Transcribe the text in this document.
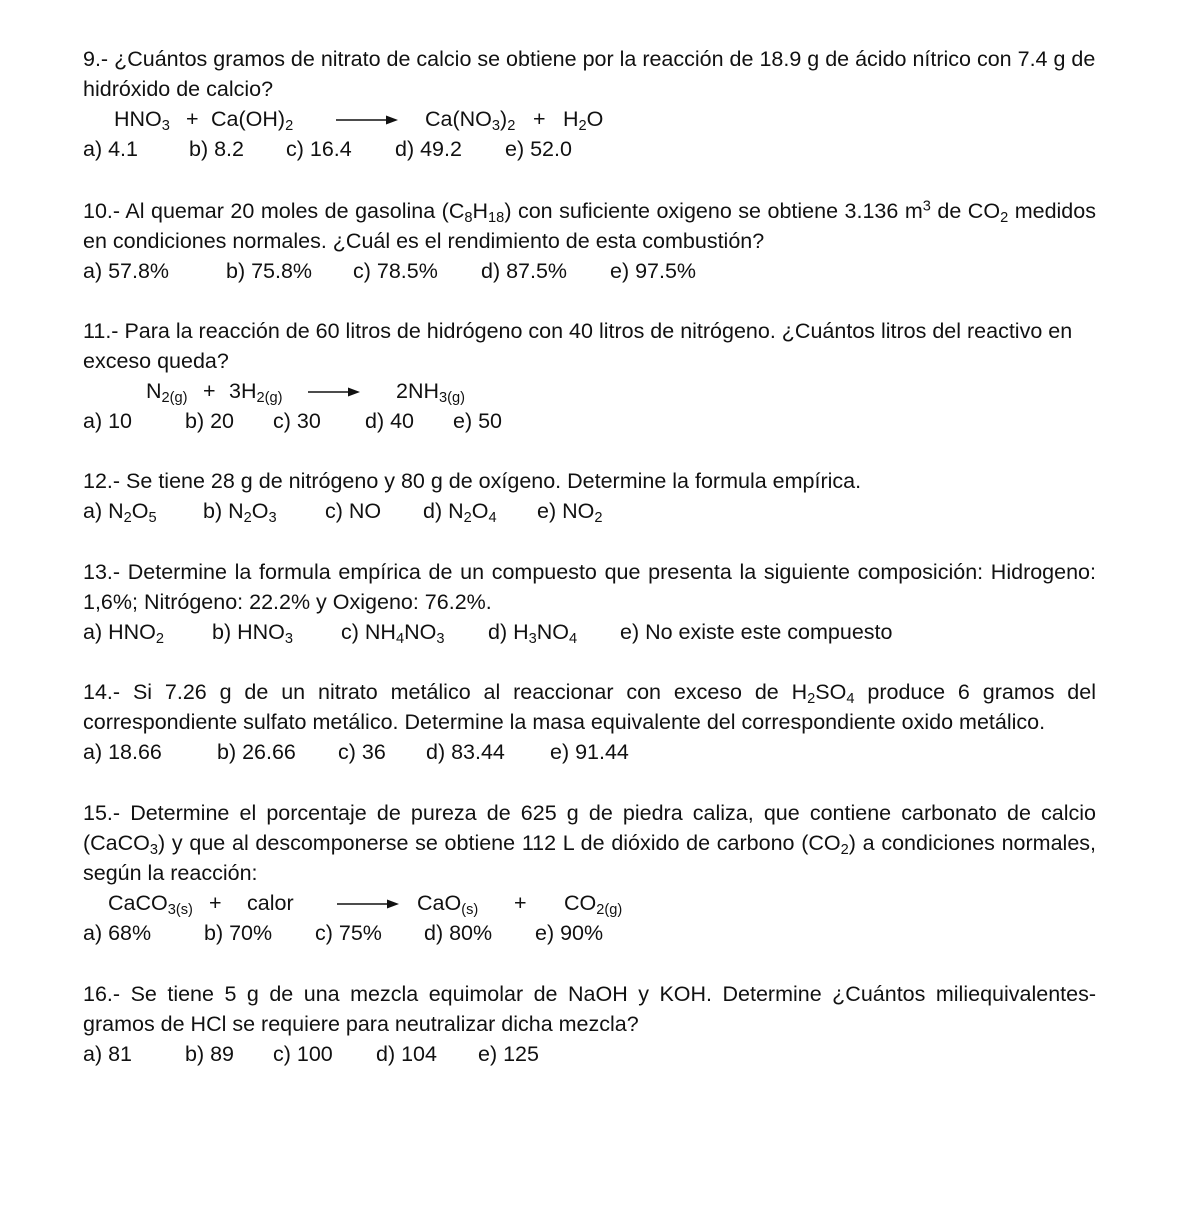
9.- ¿Cuántos gramos de nitrato de calcio se obtiene por la reacción de 18.9 g de ácido nítrico con 7.4 g de hidróxido de calcio?
$HNO_3 + Ca(OH)_2 \to Ca(NO_3)_2 + H_2O$
a) 4.1 b) 8.2 c) 16.4 d) 49.2 e) 52.0
10.- Al quemar 20 moles de gasolina $(C_8H_{18})$ con suficiente oxigeno se obtiene 3.136 $m^3$ de $CO_2$ medidos en condiciones normales. ¿Cuál es el rendimiento de esta combustión?
a) 57.8%	b) 75.8% c) 78.5% d) 87.5% e) 97.5%
11.- Para la reacción de 60 litros de hidrógeno con 40 litros de nitrógeno. ¿Cuántos litros del reactivo en exceso queda?
$N_{2(g)} + 3H_{2(g)} \to 2NH_{3(g)}$
a) 10 b) 20 c) 30 d) 40 e) 50
12.- Se tiene 28 g de nitrógeno y 80 g de oxígeno. Determine la formula empírica.
a) $N_2O_5$ b) $N_2O_3$ c) NO d) $N_2O_4$ e) $NO_2$
13.- Determine la formula empírica de un compuesto que presenta la siguiente composición: Hidrogeno: 1,6%; Nitrógeno: 22.2% y Oxigeno: 76.2%.
a) $HNO_2$ b) $HNO_3$ c) $NH_4NO_3$ d) $H_3NO_4$ e) No existe este compuesto
14.- Si 7.26 g de un nitrato metálico al reaccionar con exceso de $H_2SO_4$ produce 6 gramos del correspondiente sulfato metálico. Determine la masa equivalente del correspondiente oxido metálico.
a) 18.66	b) 26.66 c) 36 d) 83.44 e) 91.44
15.- Determine el porcentaje de pureza de 625 g de piedra caliza, que contiene carbonato de calcio (CaCO$_3$) y que al descomponerse se obtiene 112 L de dióxido de carbono $(CO_2)$ a condiciones normales, según la reacción:
CaCO$_{3(s)}$ + calor → $CaO_{(s)} + CO_{2(g)}$
a) 68% b) 70% c) 75% d) 80% e) 90%
16.- Se tiene 5 g de una mezcla equimolar de NaOH y KOH. Determine ¿Cuántos miliequivalentes-gramos de HCl se requiere para neutralizar dicha mezcla?
a) 81 b) 89 c) 100 d) 104 e) 125
